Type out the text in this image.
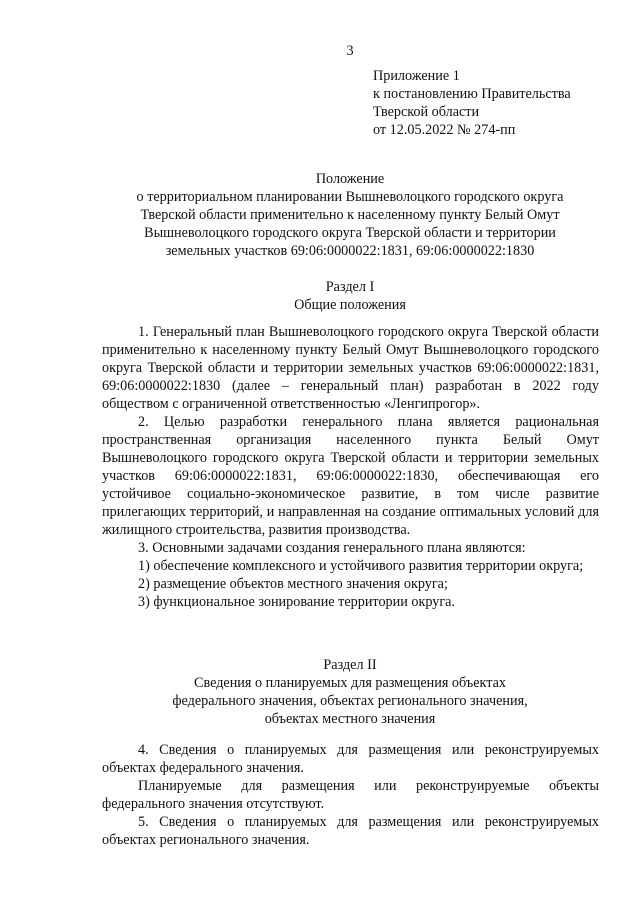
3
Приложение 1
к постановлению Правительства
Тверской области
от 12.05.2022 № 274-пп
Положение
о территориальном планировании Вышневолоцкого городского округа
Тверской области применительно к населенному пункту Белый Омут
Вышневолоцкого городского округа Тверской области и территории
земельных участков 69:06:0000022:1831, 69:06:0000022:1830
Раздел I
Общие положения
1. Генеральный план Вышневолоцкого городского округа Тверской области применительно к населенному пункту Белый Омут Вышневолоцкого городского округа Тверской области и территории земельных участков 69:06:0000022:1831, 69:06:0000022:1830 (далее – генеральный план) разработан в 2022 году обществом с ограниченной ответственностью «Ленгипрогор».
2. Целью разработки генерального плана является рациональная пространственная организация населенного пункта Белый Омут Вышневолоцкого городского округа Тверской области и территории земельных участков 69:06:0000022:1831, 69:06:0000022:1830, обеспечивающая его устойчивое социально-экономическое развитие, в том числе развитие прилегающих территорий, и направленная на создание оптимальных условий для жилищного строительства, развития производства.
3. Основными задачами создания генерального плана являются:
1) обеспечение комплексного и устойчивого развития территории округа;
2) размещение объектов местного значения округа;
3) функциональное зонирование территории округа.
Раздел II
Сведения о планируемых для размещения объектах
федерального значения, объектах регионального значения,
объектах местного значения
4. Сведения о планируемых для размещения или реконструируемых объектах федерального значения.
Планируемые для размещения или реконструируемые объекты федерального значения отсутствуют.
5. Сведения о планируемых для размещения или реконструируемых объектах регионального значения.
